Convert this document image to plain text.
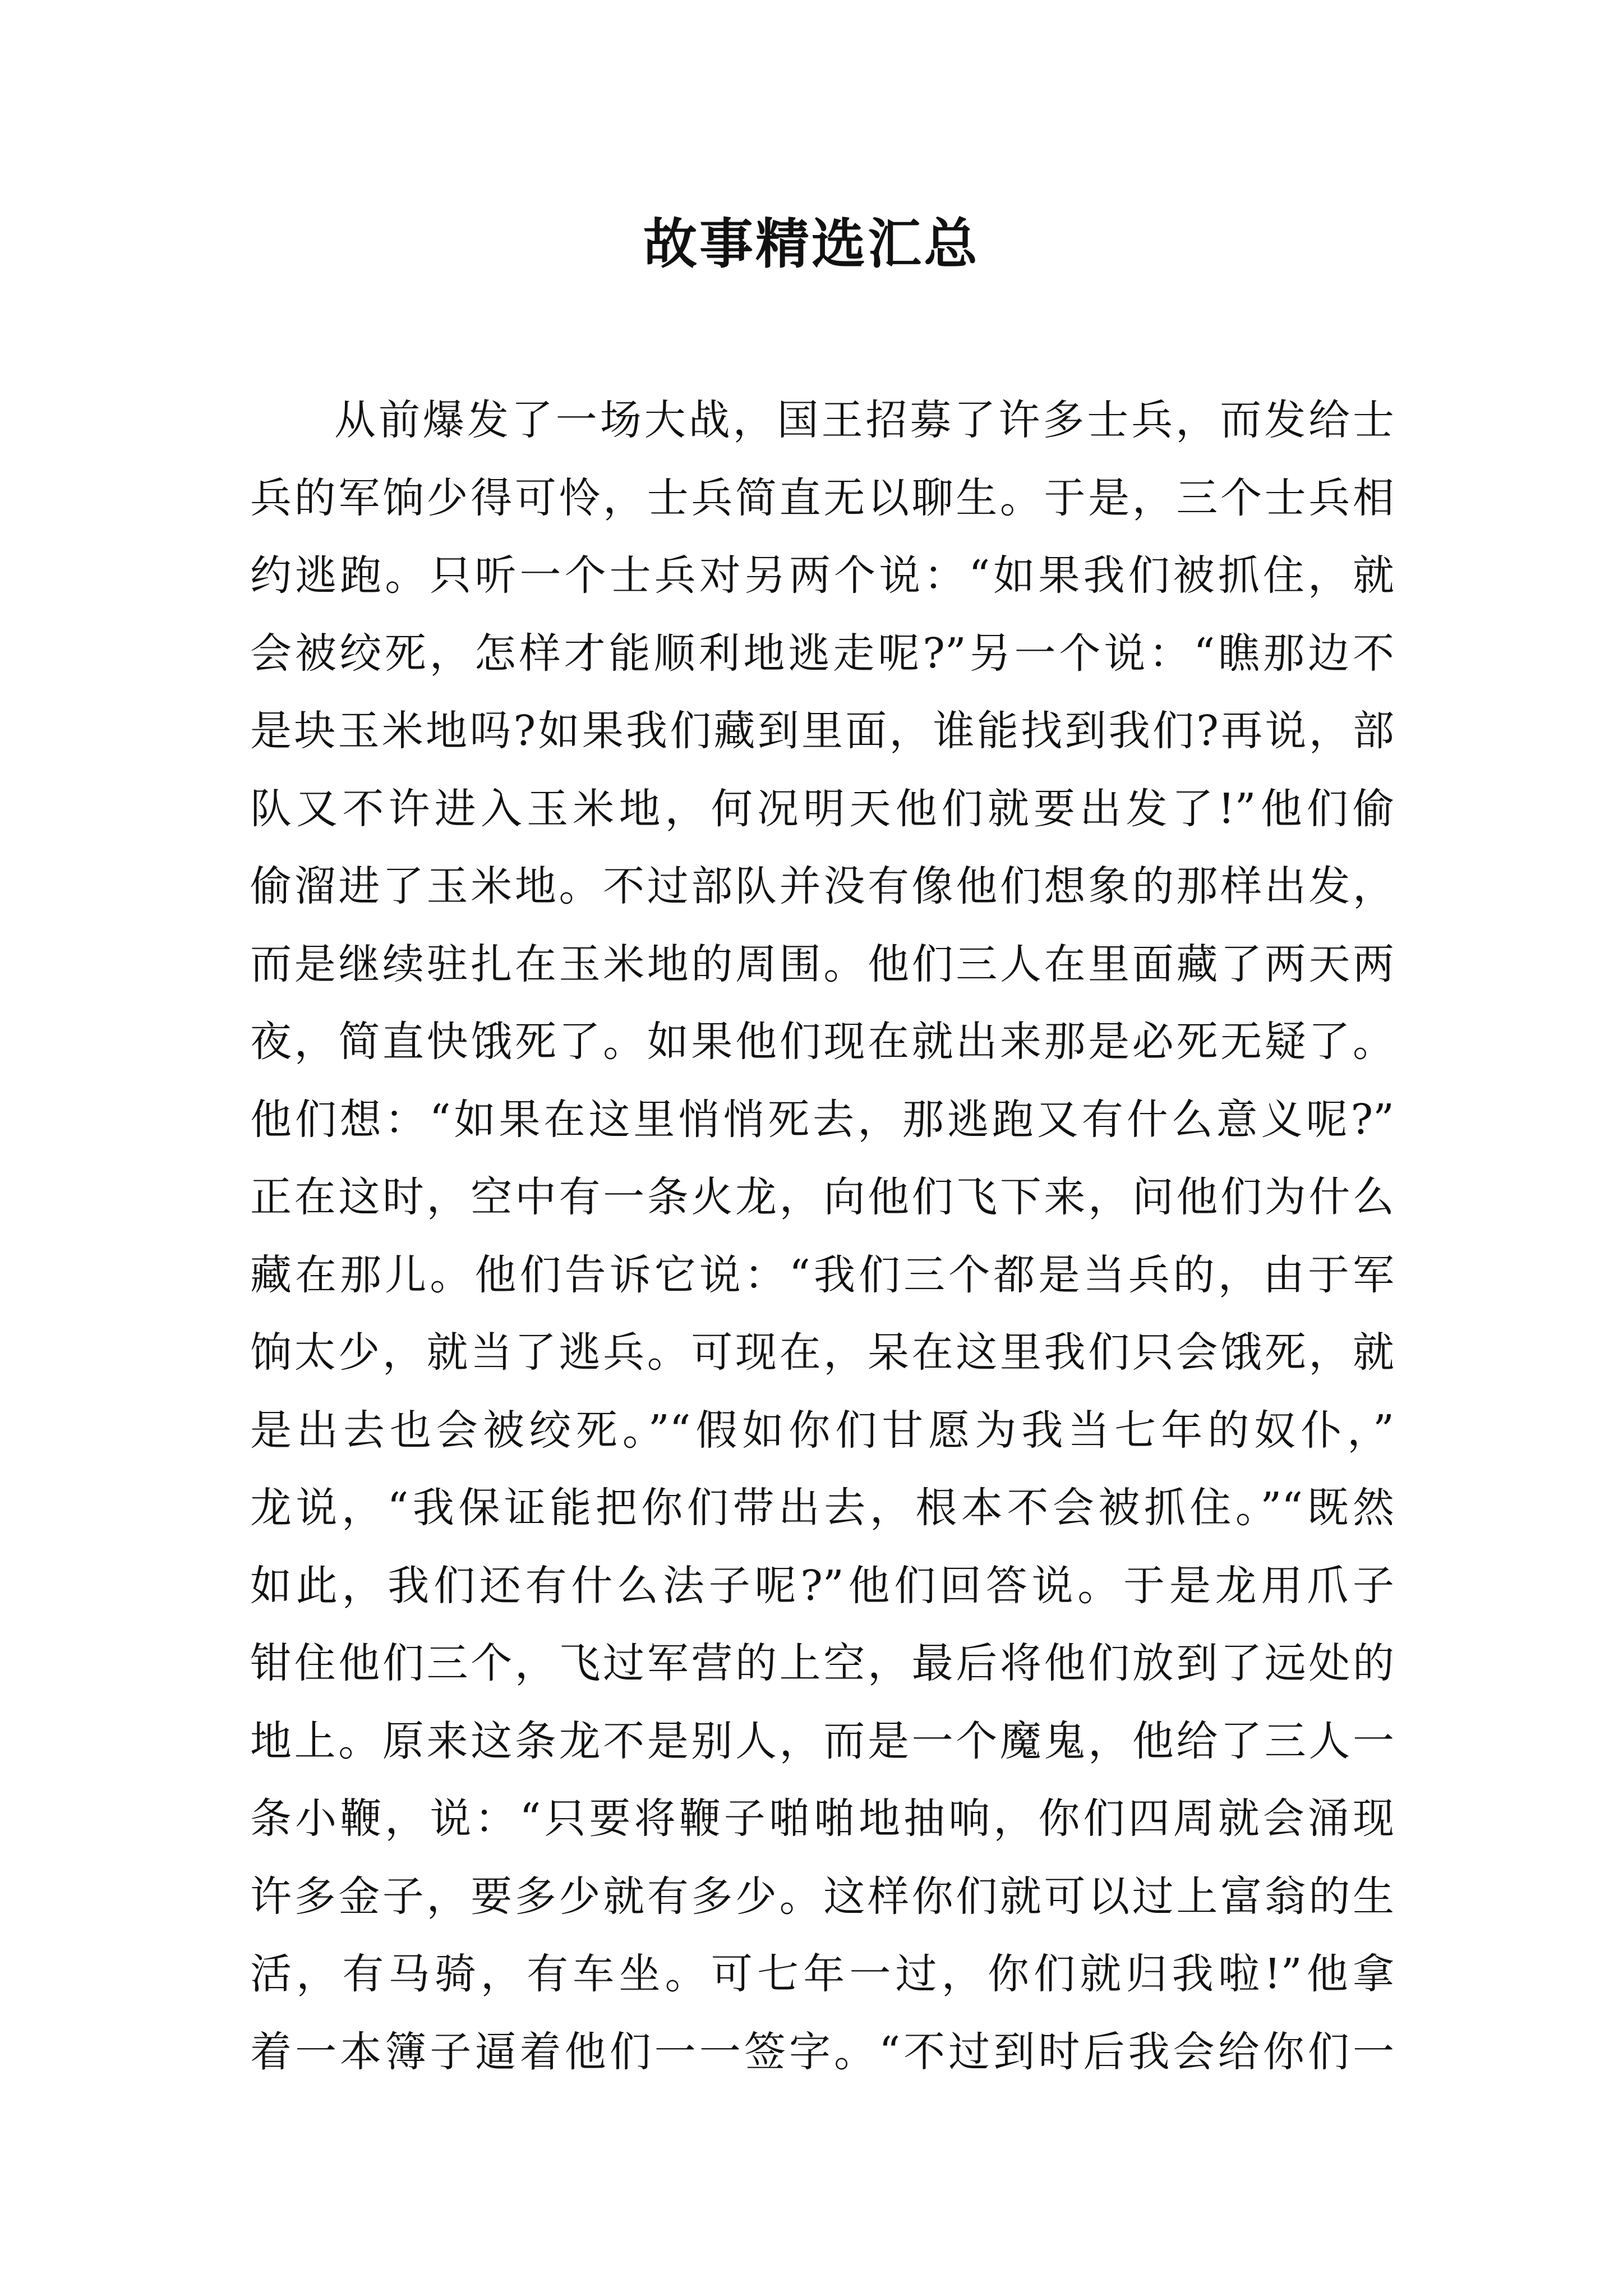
故事精选汇总
从前爆发了一场大战，国王招募了许多士兵，而发给士
兵的军饷少得可怜，士兵简直无以聊生。于是，三个士兵相
约逃跑。只听一个士兵对另两个说：“如果我们被抓住，就
会被绞死，怎样才能顺利地逃走呢?”另一个说：“瞧那边不
是块玉米地吗?如果我们藏到里面，谁能找到我们?再说，部
队又不许进入玉米地，何况明天他们就要出发了!”他们偷
偷溜进了玉米地。不过部队并没有像他们想象的那样出发，
而是继续驻扎在玉米地的周围。他们三人在里面藏了两天两
夜，简直快饿死了。如果他们现在就出来那是必死无疑了。
他们想：“如果在这里悄悄死去，那逃跑又有什么意义呢?”
正在这时，空中有一条火龙，向他们飞下来，问他们为什么
藏在那儿。他们告诉它说：“我们三个都是当兵的，由于军
饷太少，就当了逃兵。可现在，呆在这里我们只会饿死，就
是出去也会被绞死。”“假如你们甘愿为我当七年的奴仆，”
龙说，“我保证能把你们带出去，根本不会被抓住。”“既然
如此，我们还有什么法子呢?”他们回答说。于是龙用爪子
钳住他们三个，飞过军营的上空，最后将他们放到了远处的
地上。原来这条龙不是别人，而是一个魔鬼，他给了三人一
条小鞭，说：“只要将鞭子啪啪地抽响，你们四周就会涌现
许多金子，要多少就有多少。这样你们就可以过上富翁的生
活，有马骑，有车坐。可七年一过，你们就归我啦!”他拿
着一本簿子逼着他们一一签字。“不过到时后我会给你们一
